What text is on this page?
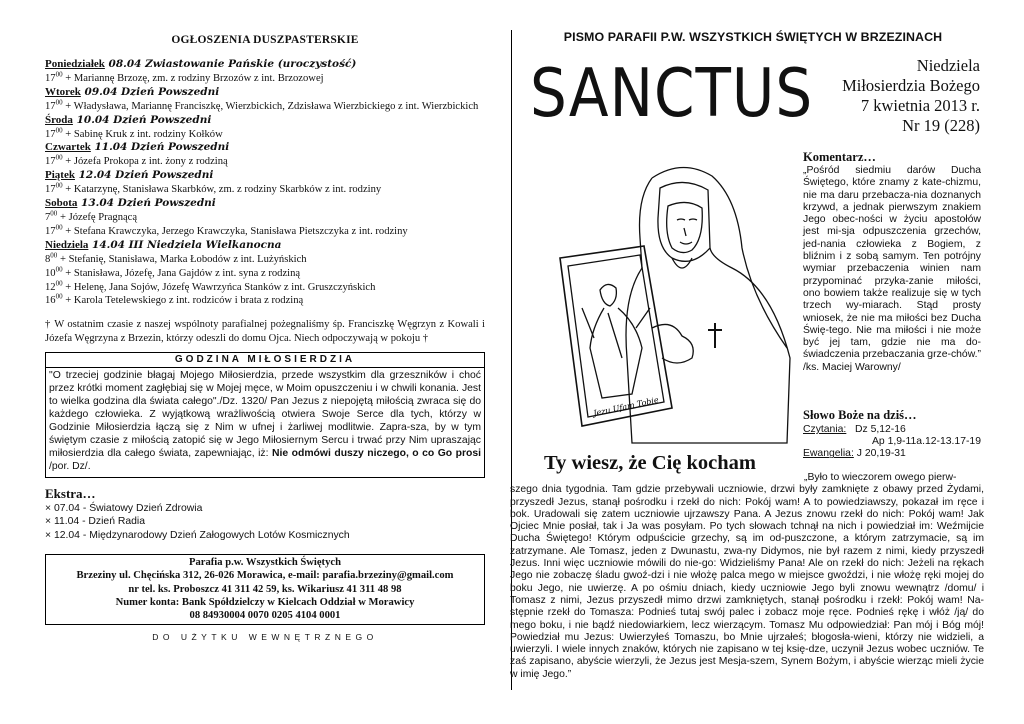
OGŁOSZENIA DUSZPASTERSKIE
Poniedziałek 08.04 Zwiastowanie Pańskie (uroczystość)
$17^{00}$ + Mariannę Brzozę, zm. z rodziny Brzozów z int. Brzozowej
Wtorek 09.04 Dzień Powszedni
$17^{00}$ + Władysława, Mariannę Franciszkę, Wierzbickich, Zdzisława Wierzbickiego z int. Wierzbickich
Środa 10.04 Dzień Powszedni
$17^{00}$ + Sabinę Kruk z int. rodziny Kołków
Czwartek 11.04 Dzień Powszedni
$17^{00}$ + Józefa Prokopa z int. żony z rodziną
Piątek 12.04 Dzień Powszedni
$17^{00}$ + Katarzynę, Stanisława Skarbków, zm. z rodziny Skarbków z int. rodziny
Sobota 13.04 Dzień Powszedni
$7^{00}$ + Józefę Pragnącą
$17^{00}$ + Stefana Krawczyka, Jerzego Krawczyka, Stanisława Pietszczyka z int. rodziny
Niedziela 14.04 III Niedziela Wielkanocna
$8^{00}$ + Stefanię, Stanisława, Marka Łobodów z int. Lużyńskich
$10^{00}$ + Stanisława, Józefę, Jana Gajdów z int. syna z rodziną
$12^{00}$ + Helenę, Jana Sojów, Józefę Wawrzyńca Stanków z int. Gruszczyńskich
$16^{00}$ + Karola Tetelewskiego z int. rodziców i brata z rodziną
† W ostatnim czasie z naszej wspólnoty parafialnej pożegnaliśmy śp. Franciszkę Węgrzyn z Kowali i Józefa Węgrzyna z Brzezin, którzy odeszli do domu Ojca. Niech odpoczywają w pokoju †
GODZINA MIŁOSIERDZIA
"O trzeciej godzinie błagaj Mojego Miłosierdzia, przede wszystkim dla grzeszników i choć przez krótki moment zagłębiaj się w Mojej męce, w Moim opuszczeniu i w chwili konania. Jest to wielka godzina dla świata całego"./Dz. 1320/ Pan Jezus z niepojętą miłością zwraca się do każdego człowieka. Z wyjątkową wrażliwością otwiera Swoje Serce dla tych, którzy w Godzinie Miłosierdzia łączą się z Nim w ufnej i żarliwej modlitwie. Zapra-sza, by w tym świętym czasie z miłością zatopić się w Jego Miłosiernym Sercu i trwać przy Nim upraszając miłosierdzia dla całego świata, zapewniając, iż: Nie odmówi duszy niczego, o co Go prosi /por. Dz/.
Ekstra…
× 07.04 - Światowy Dzień Zdrowia
× 11.04 - Dzień Radia
× 12.04 - Międzynarodowy Dzień Załogowych Lotów Kosmicznych
Parafia p.w. Wszystkich Świętych
Brzeziny ul. Chęcińska 312, 26-026 Morawica, e-mail: parafia.brzeziny@gmail.com
nr tel. ks. Proboszcz 41 311 42 59, ks. Wikariusz 41 311 48 98
Numer konta: Bank Spółdzielczy w Kielcach Oddział w Morawicy
08 84930004 0070 0205 4104 0001
DO UŻYTKU WEWNĘTRZNEGO
PISMO PARAFII P.W. WSZYSTKICH ŚWIĘTYCH W BRZEZINACH
SANCTUS	Niedziela
Miłosierdzia Bożego
7 kwietnia 2013 r.
Nr 19 (228)
Jezu Ufam Tobie
Komentarz…
„Pośród siedmiu darów Ducha Świętego, które znamy z kate-chizmu, nie ma daru przebacza-nia doznanych krzywd, a jednak pierwszym znakiem Jego obec-ności w życiu apostołów jest mi-sja odpuszczenia grzechów, jed-nania człowieka z Bogiem, z bliźnim i z sobą samym. Ten potrójny wymiar przebaczenia winien nam przypominać przyka-zanie miłości, ono bowiem także realizuje się w tych trzech wy-miarach. Stąd prosty wniosek, że nie ma miłości bez Ducha Świę-tego. Nie ma miłości i nie może być jej tam, gdzie nie ma do-świadczenia przebaczania grze-chów.” /ks. Maciej Warowny/
Słowo Boże na dziś…
Czytania: Dz 5,12-16
Ap 1,9-11a.12-13.17-19
Ewangelia: J 20,19-31
Ty wiesz, że Cię kocham
„Było to wieczorem owego pierw-
szego dnia tygodnia. Tam gdzie przebywali uczniowie, drzwi były zamknięte z obawy przed Żydami, przyszedł Jezus, stanął pośrodku i rzekł do nich: Pokój wam! A to powiedziawszy, pokazał im ręce i bok. Uradowali się zatem uczniowie ujrzawszy Pana. A Jezus znowu rzekł do nich: Pokój wam! Jak Ojciec Mnie posłał, tak i Ja was posyłam. Po tych słowach tchnął na nich i powiedział im: Weźmijcie Ducha Świętego! Którym odpuścicie grzechy, są im od-puszczone, a którym zatrzymacie, są im zatrzymane. Ale Tomasz, jeden z Dwunastu, zwa-ny Didymos, nie był razem z nimi, kiedy przyszedł Jezus. Inni więc uczniowie mówili do nie-go: Widzieliśmy Pana! Ale on rzekł do nich: Jeżeli na rękach Jego nie zobaczę śladu gwoź-dzi i nie włożę palca mego w miejsce gwoździ, i nie włożę ręki mojej do boku Jego, nie uwierzę. A po ośmiu dniach, kiedy uczniowie Jego byli znowu wewnątrz /domu/ i Tomasz z nimi, Jezus przyszedł mimo drzwi zamkniętych, stanął pośrodku i rzekł: Pokój wam! Na-stępnie rzekł do Tomasza: Podnieś tutaj swój palec i zobacz moje ręce. Podnieś rękę i włóż /ją/ do mego boku, i nie bądź niedowiarkiem, lecz wierzącym. Tomasz Mu odpowiedział: Pan mój i Bóg mój! Powiedział mu Jezus: Uwierzyłeś Tomaszu, bo Mnie ujrzałeś; błogosła-wieni, którzy nie widzieli, a uwierzyli. I wiele innych znaków, których nie zapisano w tej księ-dze, uczynił Jezus wobec uczniów. Te zaś zapisano, abyście wierzyli, że Jezus jest Mesja-szem, Synem Bożym, i abyście wierząc mieli życie w imię Jego.”
